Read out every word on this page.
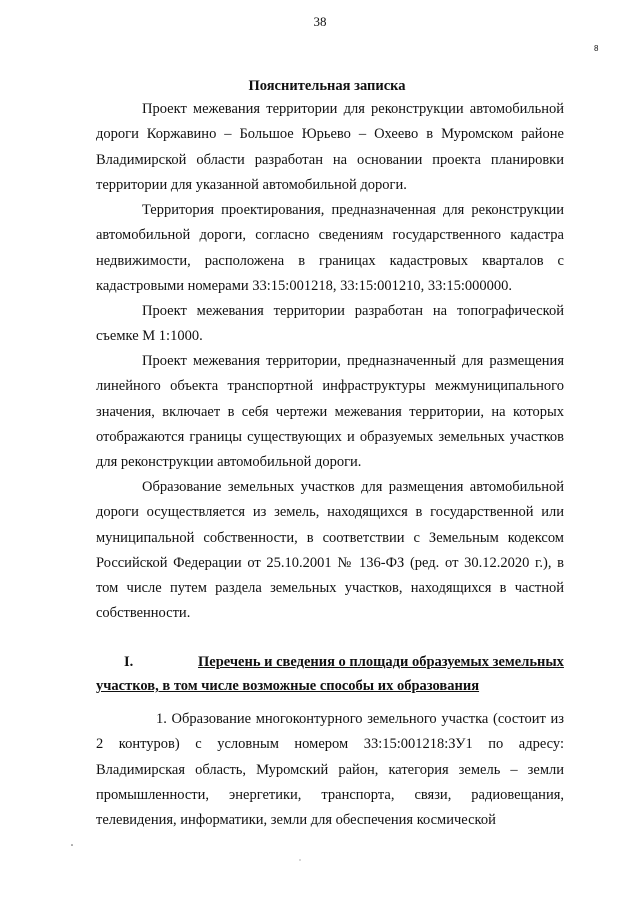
38
8
Пояснительная записка

Проект межевания территории для реконструкции автомобильной дороги Коржавино – Большое Юрьево – Охеево в Муромском районе Владимирской области разработан на основании проекта планировки территории для указанной автомобильной дороги.

Территория проектирования, предназначенная для реконструкции автомобильной дороги, согласно сведениям государственного кадастра недвижимости, расположена в границах кадастровых кварталов с кадастровыми номерами 33:15:001218, 33:15:001210, 33:15:000000.

Проект межевания территории разработан на топографической съемке М 1:1000.

Проект межевания территории, предназначенный для размещения линейного объекта транспортной инфраструктуры межмуниципального значения, включает в себя чертежи межевания территории, на которых отображаются границы существующих и образуемых земельных участков для реконструкции автомобильной дороги.

Образование земельных участков для размещения автомобильной дороги осуществляется из земель, находящихся в государственной или муниципальной собственности, в соответствии с Земельным кодексом Российской Федерации от 25.10.2001 № 136-ФЗ (ред. от 30.12.2020 г.), в том числе путем раздела земельных участков, находящихся в частной собственности.

I.	Перечень и сведения о площади образуемых земельных
участков, в том числе возможные способы их образования

1. Образование многоконтурного земельного участка (состоит из 2 контуров) с условным номером 33:15:001218:ЗУ1 по адресу: Владимирская область, Муромский район, категория земель – земли промышленности, энергетики, транспорта, связи, радиовещания, телевидения, информатики, земли для обеспечения космической
